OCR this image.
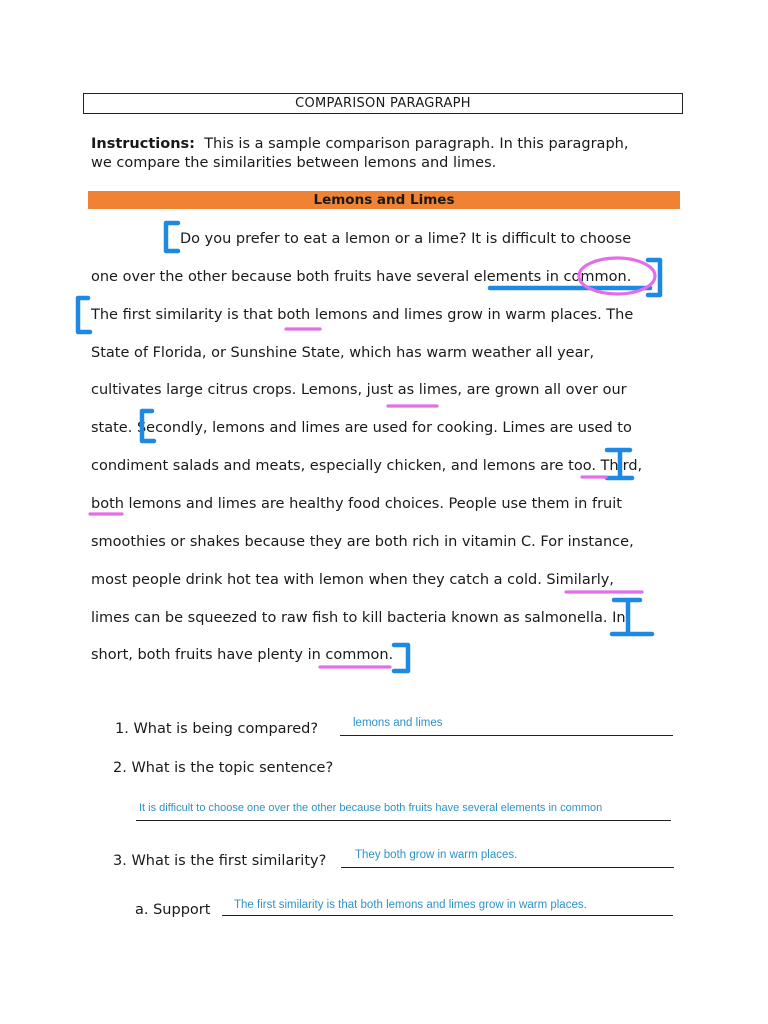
COMPARISON PARAGRAPH
Instructions: This is a sample comparison paragraph. In this paragraph,
we compare the similarities between lemons and limes.
Lemons and Limes
Do you prefer to eat a lemon or a lime? It is difficult to choose
one over the other because both fruits have several elements in common.
The first similarity is that both lemons and limes grow in warm places. The
State of Florida, or Sunshine State, which has warm weather all year,
cultivates large citrus crops. Lemons, just as limes, are grown all over our
state. Secondly, lemons and limes are used for cooking. Limes are used to
condiment salads and meats, especially chicken, and lemons are too. Third,
both lemons and limes are healthy food choices. People use them in fruit
smoothies or shakes because they are both rich in vitamin C. For instance,
most people drink hot tea with lemon when they catch a cold. Similarly,
limes can be squeezed to raw fish to kill bacteria known as salmonella. In
short, both fruits have plenty in common.
1. What is being compared?	lemons and limes
2. What is the topic sentence?
It is difficult to choose one over the other because both fruits have several elements in common
3. What is the first similarity? They both grow in warm places.
a. Support The first similarity is that both lemons and limes grow in warm places.
